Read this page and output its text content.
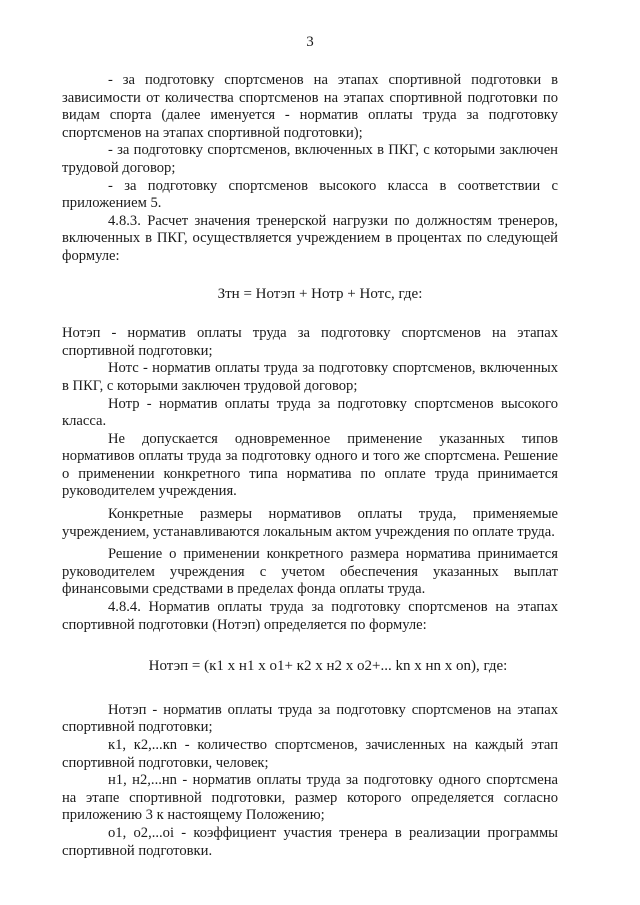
3

- за подготовку спортсменов на этапах спортивной подготовки в зависимости от количества спортсменов на этапах спортивной подготовки по видам спорта (далее именуется - норматив оплаты труда за подготовку спортсменов на этапах спортивной подготовки);

- за подготовку спортсменов, включенных в ПКГ, с которыми заключен трудовой договор;

- за подготовку спортсменов высокого класса в соответствии с приложением 5.

4.8.3. Расчет значения тренерской нагрузки по должностям тренеров, включенных в ПКГ, осуществляется учреждением в процентах по следующей формуле:

Зтн = Нотэп + Нотр + Нотс, где:

Нотэп - норматив оплаты труда за подготовку спортсменов на этапах спортивной подготовки;

Нотс - норматив оплаты труда за подготовку спортсменов, включенных в ПКГ, с которыми заключен трудовой договор;

Нотр - норматив оплаты труда за подготовку спортсменов высокого класса.

Не допускается одновременное применение указанных типов нормативов оплаты труда за подготовку одного и того же спортсмена. Решение о применении конкретного типа норматива по оплате труда принимается руководителем учреждения.

Конкретные размеры нормативов оплаты труда, применяемые учреждением, устанавливаются локальным актом учреждения по оплате труда.

Решение о применении конкретного размера норматива принимается руководителем учреждения с учетом обеспечения указанных выплат финансовыми средствами в пределах фонда оплаты труда.

4.8.4. Норматив оплаты труда за подготовку спортсменов на этапах спортивной подготовки (Нотэп) определяется по формуле:

Нотэп = (к1 х н1 х о1+ к2 х н2 х о2+... kn х нn х оn), где:

Нотэп - норматив оплаты труда за подготовку спортсменов на этапах спортивной подготовки;

к1, к2,...кn - количество спортсменов, зачисленных на каждый этап спортивной подготовки, человек;

н1, н2,...нn - норматив оплаты труда за подготовку одного спортсмена на этапе спортивной подготовки, размер которого определяется согласно приложению 3 к настоящему Положению;

о1, о2,...оi - коэффициент участия тренера в реализации программы спортивной подготовки.
